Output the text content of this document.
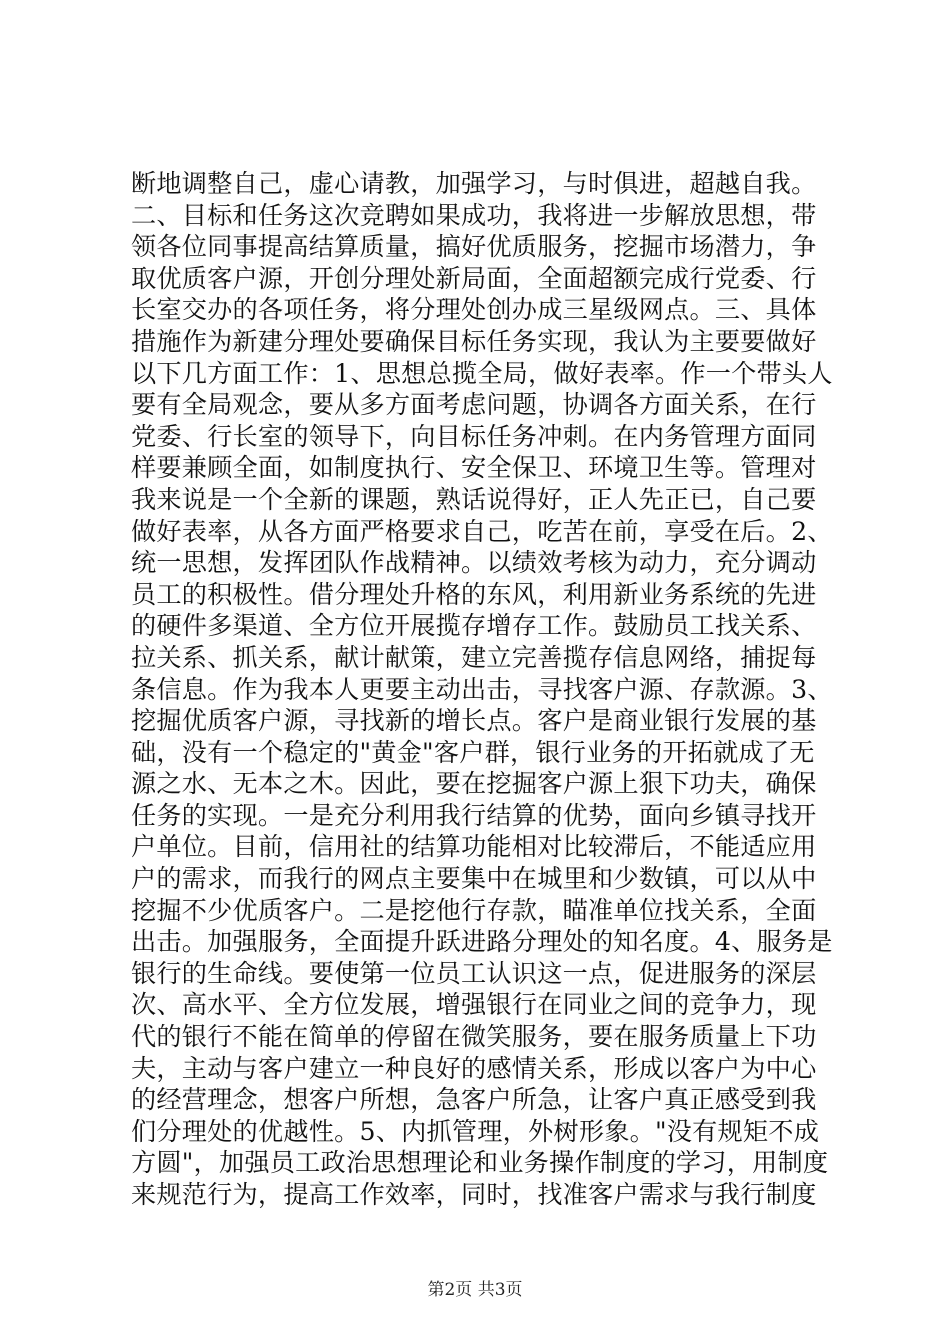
断地调整自己，虚心请教，加强学习，与时俱进，超越自我。
二、目标和任务这次竞聘如果成功，我将进一步解放思想，带
领各位同事提高结算质量，搞好优质服务，挖掘市场潜力，争
取优质客户源，开创分理处新局面，全面超额完成行党委、行
长室交办的各项任务，将分理处创办成三星级网点。三、具体
措施作为新建分理处要确保目标任务实现，我认为主要要做好
以下几方面工作：1、思想总揽全局，做好表率。作一个带头人
要有全局观念，要从多方面考虑问题，协调各方面关系，在行
党委、行长室的领导下，向目标任务冲刺。在内务管理方面同
样要兼顾全面，如制度执行、安全保卫、环境卫生等。管理对
我来说是一个全新的课题，熟话说得好，正人先正已，自己要
做好表率，从各方面严格要求自己，吃苦在前，享受在后。2、
统一思想，发挥团队作战精神。以绩效考核为动力，充分调动
员工的积极性。借分理处升格的东风，利用新业务系统的先进
的硬件多渠道、全方位开展揽存增存工作。鼓励员工找关系、
拉关系、抓关系，献计献策，建立完善揽存信息网络，捕捉每
条信息。作为我本人更要主动出击，寻找客户源、存款源。3、
挖掘优质客户源，寻找新的增长点。客户是商业银行发展的基
础，没有一个稳定的"黄金"客户群，银行业务的开拓就成了无
源之水、无本之木。因此，要在挖掘客户源上狠下功夫，确保
任务的实现。一是充分利用我行结算的优势，面向乡镇寻找开
户单位。目前，信用社的结算功能相对比较滞后，不能适应用
户的需求，而我行的网点主要集中在城里和少数镇，可以从中
挖掘不少优质客户。二是挖他行存款，瞄准单位找关系，全面
出击。加强服务，全面提升跃进路分理处的知名度。4、服务是
银行的生命线。要使第一位员工认识这一点，促进服务的深层
次、高水平、全方位发展，增强银行在同业之间的竞争力，现
代的银行不能在简单的停留在微笑服务，要在服务质量上下功
夫，主动与客户建立一种良好的感情关系，形成以客户为中心
的经营理念，想客户所想，急客户所急，让客户真正感受到我
们分理处的优越性。5、内抓管理，外树形象。"没有规矩不成
方圆"，加强员工政治思想理论和业务操作制度的学习，用制度
来规范行为，提高工作效率，同时，找准客户需求与我行制度
第2页 共3页
